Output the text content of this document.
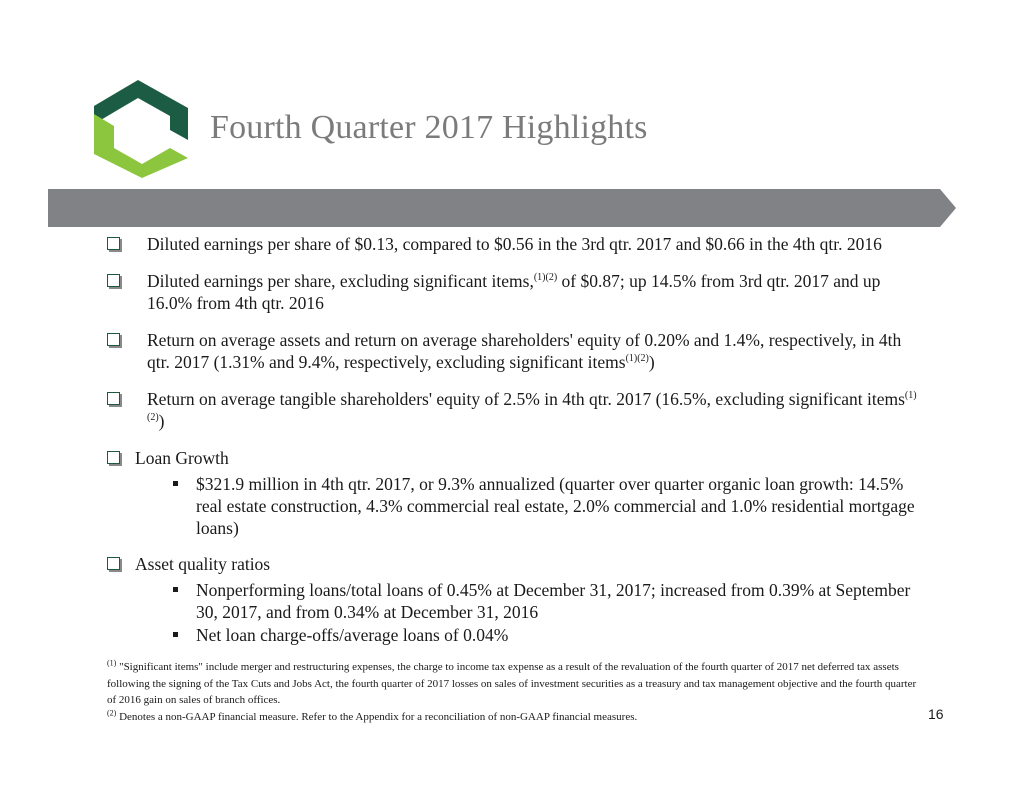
Fourth Quarter 2017 Highlights
Diluted earnings per share of $0.13, compared to $0.56 in the 3rd qtr. 2017 and $0.66 in the 4th qtr. 2016
Diluted earnings per share, excluding significant items,$^{(1)(2)}$ of $0.87; up 14.5% from 3rd qtr. 2017 and up 16.0% from 4th qtr. 2016
Return on average assets and return on average shareholders' equity of 0.20% and 1.4%, respectively, in 4th qtr. 2017 (1.31% and 9.4%, respectively, excluding significant items$^{(1)(2)}$)
Return on average tangible shareholders' equity of 2.5% in 4th qtr. 2017 (16.5%, excluding significant items$^{(1)(2)}$)
Loan Growth
$321.9 million in 4th qtr. 2017, or 9.3% annualized (quarter over quarter organic loan growth: 14.5% real estate construction, 4.3% commercial real estate, 2.0% commercial and 1.0% residential mortgage loans)
Asset quality ratios
Nonperforming loans/total loans of 0.45% at December 31, 2017; increased from 0.39% at September 30, 2017, and from 0.34% at December 31, 2016
Net loan charge-offs/average loans of 0.04%

$^{(1)}$ "Significant items" include merger and restructuring expenses, the charge to income tax expense as a result of the revaluation of the fourth quarter of 2017 net deferred tax assets following the signing of the Tax Cuts and Jobs Act, the fourth quarter of 2017 losses on sales of investment securities as a treasury and tax management objective and the fourth quarter of 2016 gain on sales of branch offices.

$^{(2)}$ Denotes a non-GAAP financial measure. Refer to the Appendix for a reconciliation of non-GAAP financial measures.	16
